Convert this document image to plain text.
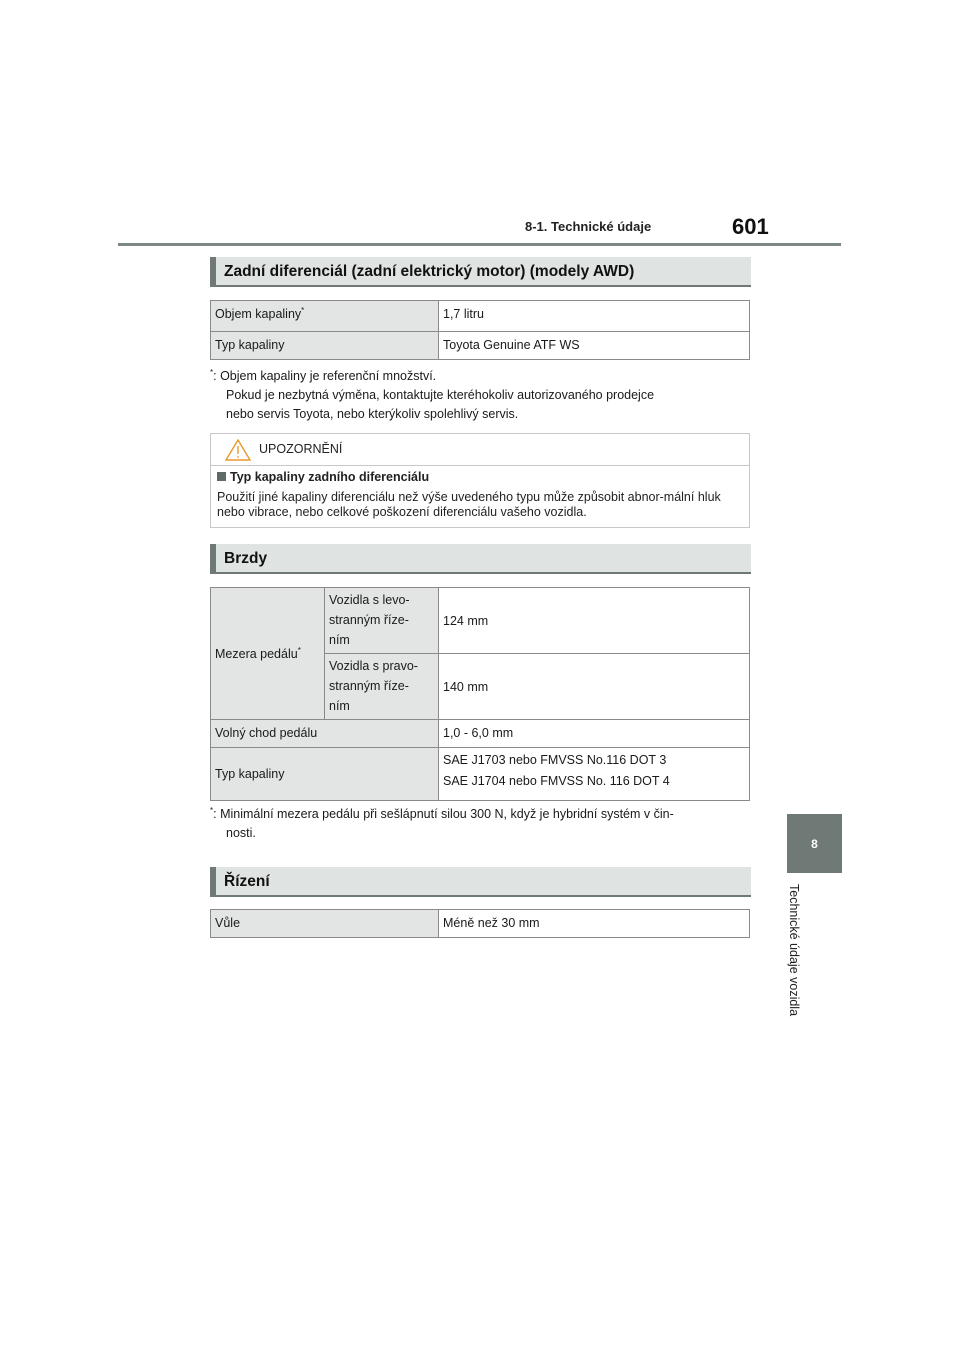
8-1. Technické údaje	601
8
Technické údaje vozidla
Zadní diferenciál (zadní elektrický motor) (modely AWD)
Objem kapaliny*	1,7 litru
Typ kapaliny	Toyota Genuine ATF WS
*: Objem kapaliny je referenční množství.
Pokud je nezbytná výměna, kontaktujte kteréhokoliv autorizovaného prodejce
nebo servis Toyota, nebo kterýkoliv spolehlivý servis.
UPOZORNĚNÍ
Typ kapaliny zadního diferenciálu
Použití jiné kapaliny diferenciálu než výše uvedeného typu může způsobit abnor-mální hluk nebo vibrace, nebo celkové poškození diferenciálu vašeho vozidla.
Brzdy
Mezera pedálu*	Vozidla s levo-
stranným říze-
ním	124 mm

	Vozidla s pravo-
stranným říze-
ním	140 mm
Volný chod pedálu		1,0 - 6,0 mm
Typ kapaliny		SAE J1703 nebo FMVSS No.116 DOT 3
SAE J1704 nebo FMVSS No. 116 DOT 4
*: Minimální mezera pedálu při sešlápnutí silou 300 N, když je hybridní systém v čin-
nosti.
Řízení
Vůle	Méně než 30 mm
